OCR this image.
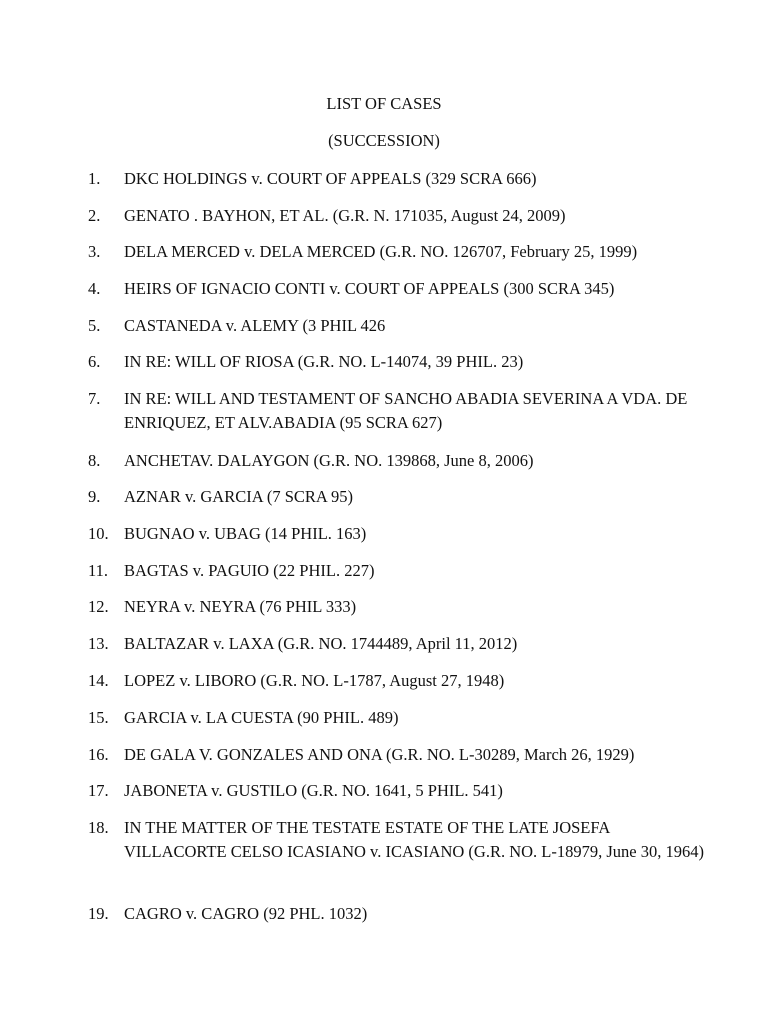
LIST OF CASES
(SUCCESSION)
1.	DKC HOLDINGS v. COURT OF APPEALS (329 SCRA 666)
2.	GENATO . BAYHON, ET AL. (G.R. N. 171035, August 24, 2009)
3.	DELA MERCED v. DELA MERCED (G.R. NO. 126707, February 25, 1999)
4.	HEIRS OF IGNACIO CONTI v. COURT OF APPEALS (300 SCRA 345)
5.	CASTANEDA v. ALEMY (3 PHIL 426
6.	IN RE: WILL OF RIOSA (G.R. NO. L-14074, 39 PHIL. 23)
7.	IN RE: WILL AND TESTAMENT OF SANCHO ABADIA SEVERINA A VDA. DE ENRIQUEZ, ET ALV.ABADIA (95 SCRA 627)
8.	ANCHETAV. DALAYGON (G.R. NO. 139868, June 8, 2006)
9.	AZNAR v. GARCIA (7 SCRA 95)
10. BUGNAO v. UBAG (14 PHIL. 163)
11. BAGTAS v. PAGUIO (22 PHIL. 227)
12. NEYRA v. NEYRA (76 PHIL 333)
13. BALTAZAR v. LAXA (G.R. NO. 1744489, April 11, 2012)
14. LOPEZ v. LIBORO (G.R. NO. L-1787, August 27, 1948)
15. GARCIA v. LA CUESTA (90 PHIL. 489)
16. DE GALA V. GONZALES AND ONA (G.R. NO. L-30289, March 26, 1929)
17. JABONETA v. GUSTILO (G.R. NO. 1641, 5 PHIL. 541)
18. IN THE MATTER OF THE TESTATE ESTATE OF THE LATE JOSEFA VILLACORTE CELSO ICASIANO v. ICASIANO (G.R. NO. L-18979, June 30, 1964)
19. CAGRO v. CAGRO (92 PHL. 1032)
